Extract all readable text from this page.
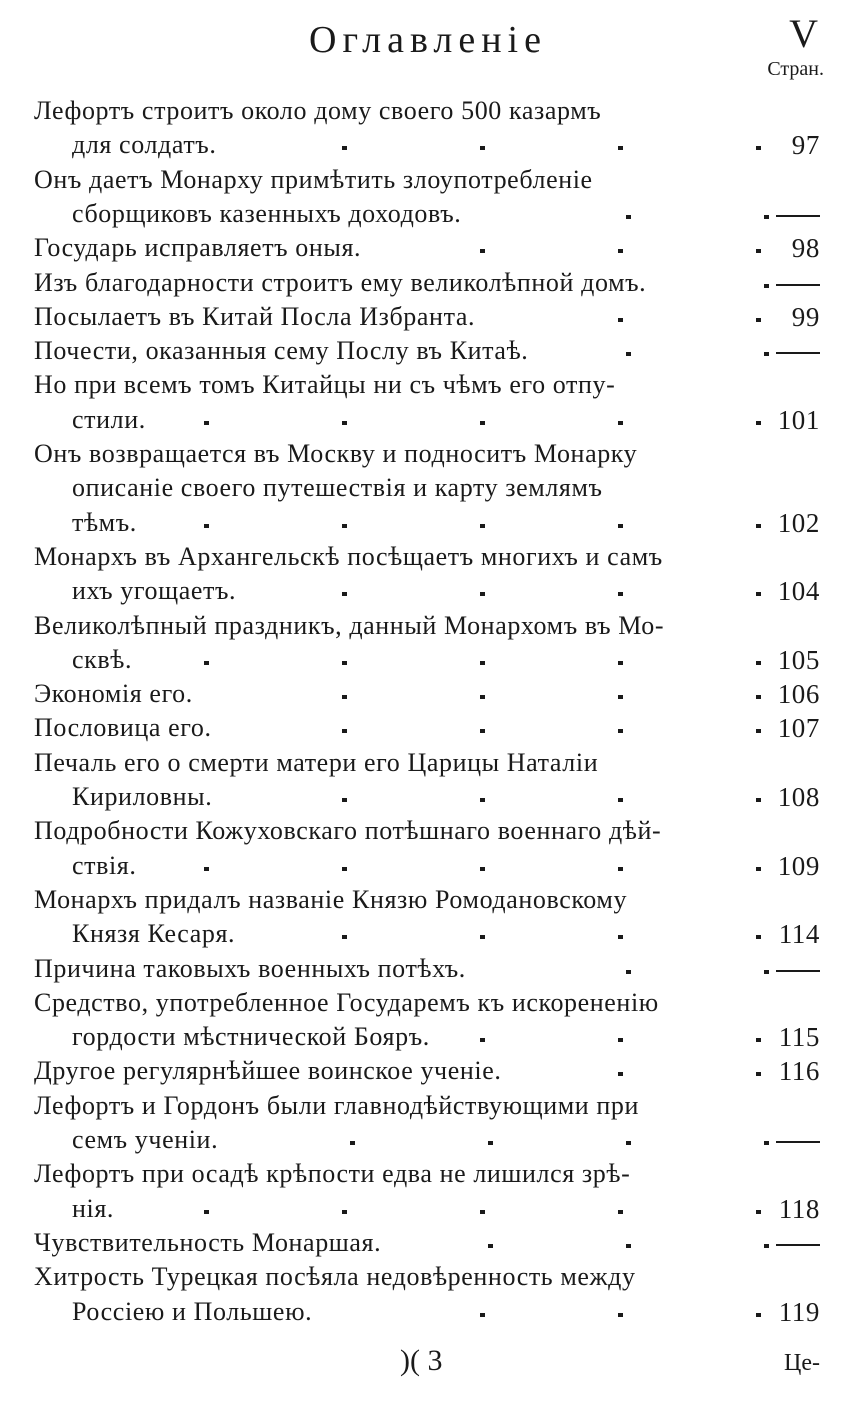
Оглавленіе	V
Стран.
Лефортъ строитъ около дому своего 500 казармъ
для солдатъ.	97
Онъ даетъ Монарху примѣтить злоупотребленіе
сборщиковъ казенныхъ доходовъ.
Государь исправляетъ оныя.	98
Изъ благодарности строитъ ему великолѣпной домъ.
Посылаетъ въ Китай Посла Избранта.	99
Почести, оказанныя сему Послу въ Китаѣ.
Но при всемъ томъ Китайцы ни съ чѣмъ его отпу-
стили.	101
Онъ возвращается въ Москву и подноситъ Монарку
описаніе своего путешествія и карту землямъ
тѣмъ.	102
Монархъ въ Архангельскѣ посѣщаетъ многихъ и самъ
ихъ угощаетъ.	104
Великолѣпный праздникъ, данный Монархомъ въ Мо-
сквѣ.	105
Экономія его.	106
Пословица его.	107
Печаль его о смерти матери его Царицы Наталіи
Кириловны.	108
Подробности Кожуховскаго потѣшнаго военнаго дѣй-
ствія.	109
Монархъ придалъ названіе Князю Ромодановскому
Князя Кесаря.	114
Причина таковыхъ военныхъ потѣхъ.
Средство, употребленное Государемъ къ искорененію
гордости мѣстнической Бояръ.	115
Другое регулярнѣйшее воинское ученіе.	116
Лефортъ и Гордонъ были главнодѣйствующими при
семъ ученіи.
Лефортъ при осадѣ крѣпости едва не лишился зрѣ-
нія.	118
Чувствительность Монаршая.
Хитрость Турецкая посѣяла недовѣренность между
Россіею и Польшею.	119
)( 3	Це-
